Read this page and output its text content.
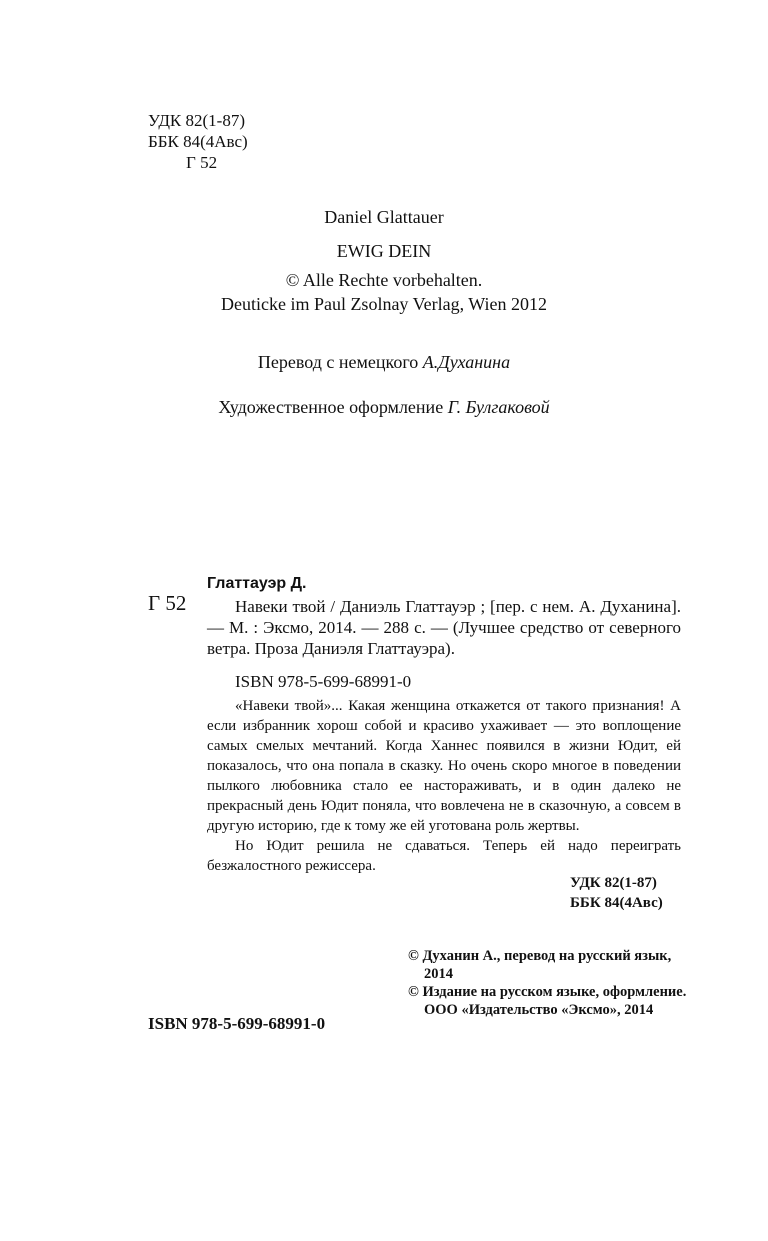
УДК 82(1-87)
ББК 84(4Авс)
Г 52
Daniel Glattauer
EWIG DEIN
© Alle Rechte vorbehalten.
Deuticke im Paul Zsolnay Verlag, Wien 2012
Перевод с немецкого А.Духанина
Художественное оформление Г. Булгаковой
Г 52
Глаттауэр Д.
Навеки твой / Даниэль Глаттауэр ; [пер. с нем. А. Духанина]. — М. : Эксмо, 2014. — 288 с. — (Лучшее средство от северного ветра. Проза Даниэля Глаттауэра).
ISBN 978-5-699-68991-0

«Навеки твой»... Какая женщина откажется от такого признания! А если избранник хорош собой и красиво ухаживает — это воплощение самых смелых мечтаний. Когда Ханнес появился в жизни Юдит, ей показалось, что она попала в сказку. Но очень скоро многое в поведении пылкого любовника стало ее настораживать, и в один далеко не прекрасный день Юдит поняла, что вовлечена не в сказочную, а совсем в другую историю, где к тому же ей уготована роль жертвы.

Но Юдит решила не сдаваться. Теперь ей надо переиграть безжалостного режиссера.

УДК 82(1-87)
ББК 84(4Авс)
© Духанин А., перевод на русский язык, 2014
© Издание на русском языке, оформление. ООО «Издательство «Эксмо», 2014
ISBN 978-5-699-68991-0
